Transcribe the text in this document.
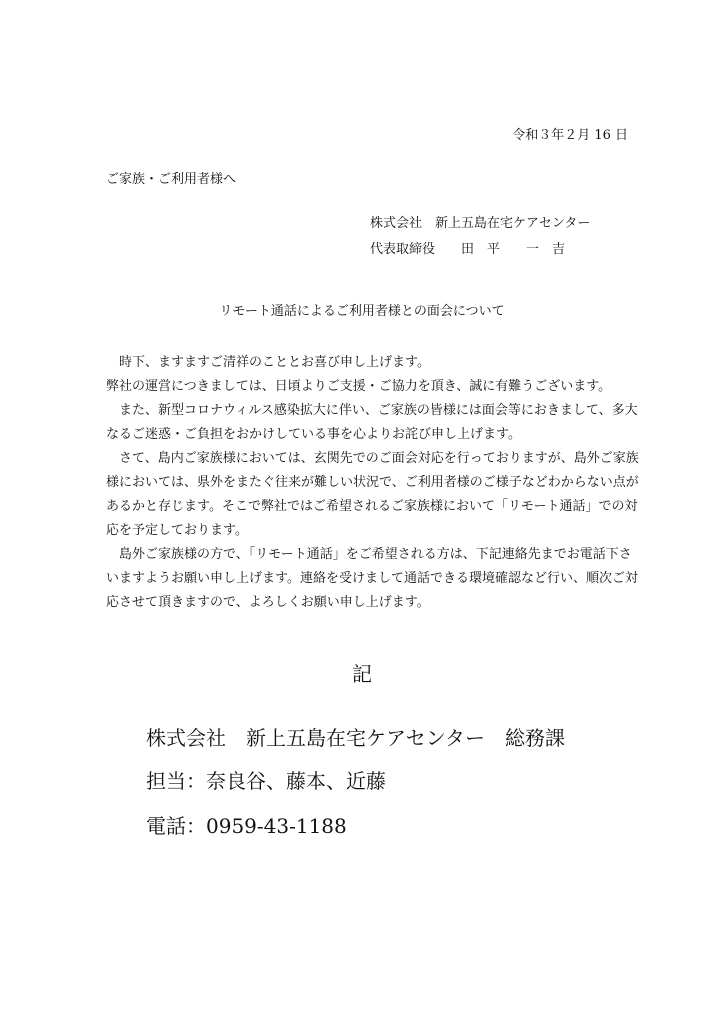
令和３年２月 16 日
ご家族・ご利用者様へ
株式会社　新上五島在宅ケアセンター
代表取締役　　田　平　　一　吉
リモート通話によるご利用者様との面会について

　時下、ますますご清祥のこととお喜び申し上げます。

弊社の運営につきましては、日頃よりご支援・ご協力を頂き、誠に有難うございます。

　また、新型コロナウィルス感染拡大に伴い、ご家族の皆様には面会等におきまして、多大

なるご迷惑・ご負担をおかけしている事を心よりお詫び申し上げます。

　さて、島内ご家族様においては、玄関先でのご面会対応を行っておりますが、島外ご家族

様においては、県外をまたぐ往来が難しい状況で、ご利用者様のご様子などわからない点が

あるかと存じます。そこで弊社ではご希望されるご家族様において「リモート通話」での対

応を予定しております。

　島外ご家族様の方で、「リモート通話」をご希望される方は、下記連絡先までお電話下さ

いますようお願い申し上げます。連絡を受けまして通話できる環境確認など行い、順次ご対

応させて頂きますので、よろしくお願い申し上げます。

記
株式会社　新上五島在宅ケアセンター　総務課
担当：奈良谷、藤本、近藤
電話：0959-43-1188
